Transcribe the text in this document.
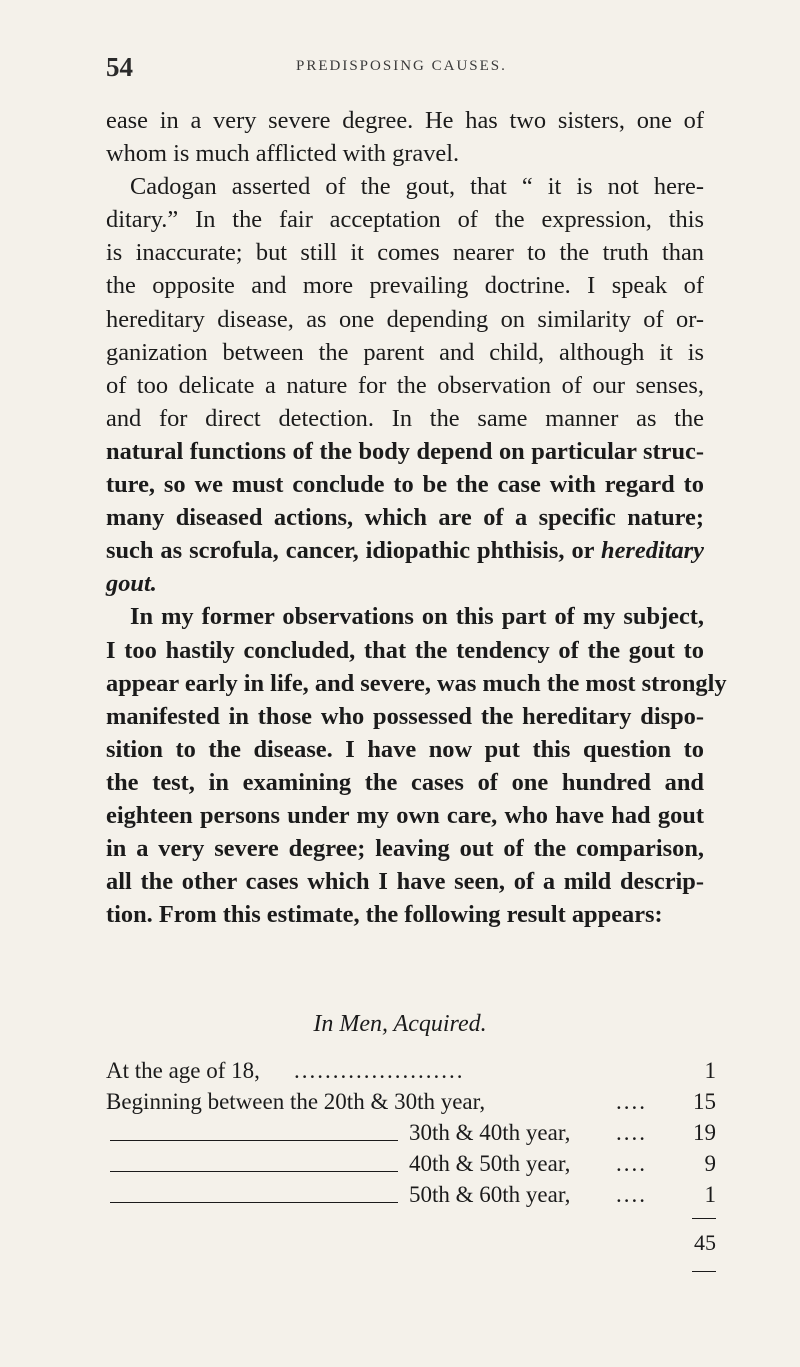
54	PREDISPOSING CAUSES.

ease in a very severe degree. He has two sisters, one of
whom is much afflicted with gravel.

Cadogan asserted of the gout, that “ it is not here-
ditary.” In the fair acceptation of the expression, this
is inaccurate; but still it comes nearer to the truth than
the opposite and more prevailing doctrine. I speak of
hereditary disease, as one depending on similarity of or-
ganization between the parent and child, although it is
of too delicate a nature for the observation of our senses,
and for direct detection. In the same manner as the
natural functions of the body depend on particular struc-
ture, so we must conclude to be the case with regard to
many diseased actions, which are of a specific nature;
such as scrofula, cancer, idiopathic phthisis, or hereditary
gout.

In my former observations on this part of my subject,
I too hastily concluded, that the tendency of the gout to
appear early in life, and severe, was much the most strongly
manifested in those who possessed the hereditary dispo-
sition to the disease. I have now put this question to
the test, in examining the cases of one hundred and
eighteen persons under my own care, who have had gout
in a very severe degree; leaving out of the comparison,
all the other cases which I have seen, of a mild descrip-
tion. From this estimate, the following result appears:

In Men, Acquired.
At the age of 18, ......................	1
Beginning between the 20th & 30th year,	....	15
30th & 40th year, ....	19
40th & 50th year, ....	9
50th & 60th year, ....	1
45
